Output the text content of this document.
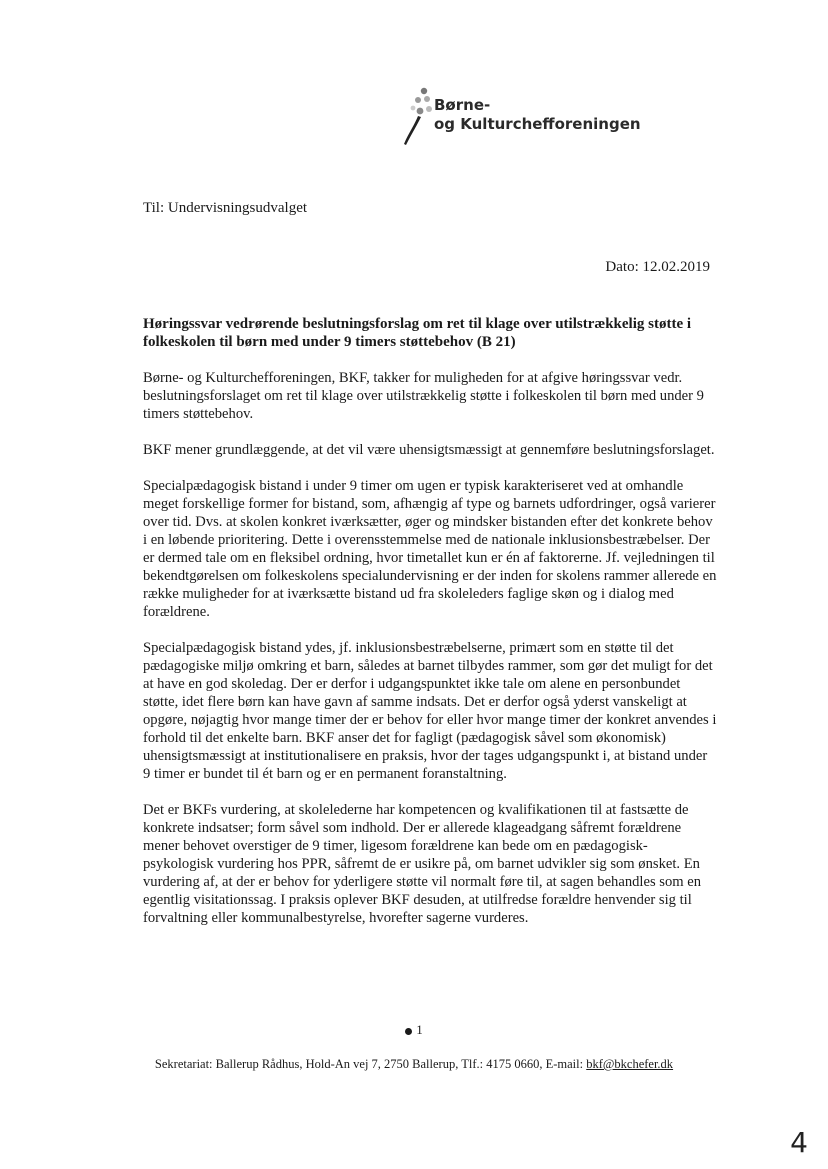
Børne-
og Kulturchefforeningen
Til: Undervisningsudvalget
Dato: 12.02.2019
Høringssvar vedrørende beslutningsforslag om ret til klage over utilstrækkelig støtte i folkeskolen til børn med under 9 timers støttebehov (B 21)

Børne- og Kulturchefforeningen, BKF, takker for muligheden for at afgive høringssvar vedr. beslutningsforslaget om ret til klage over utilstrækkelig støtte i folkeskolen til børn med under 9 timers støttebehov.

BKF mener grundlæggende, at det vil være uhensigtsmæssigt at gennemføre beslutningsforslaget.

Specialpædagogisk bistand i under 9 timer om ugen er typisk karakteriseret ved at omhandle meget forskellige former for bistand, som, afhængig af type og barnets udfordringer, også varierer over tid. Dvs. at skolen konkret iværksætter, øger og mindsker bistanden efter det konkrete behov i en løbende prioritering. Dette i overensstemmelse med de nationale inklusionsbestræbelser. Der er dermed tale om en fleksibel ordning, hvor timetallet kun er én af faktorerne. Jf. vejledningen til bekendtgørelsen om folkeskolens specialundervisning er der inden for skolens rammer allerede en række muligheder for at iværksætte bistand ud fra skoleleders faglige skøn og i dialog med forældrene.

Specialpædagogisk bistand ydes, jf. inklusionsbestræbelserne, primært som en støtte til det pædagogiske miljø omkring et barn, således at barnet tilbydes rammer, som gør det muligt for det at have en god skoledag. Der er derfor i udgangspunktet ikke tale om alene en personbundet støtte, idet flere børn kan have gavn af samme indsats. Det er derfor også yderst vanskeligt at opgøre, nøjagtig hvor mange timer der er behov for eller hvor mange timer der konkret anvendes i forhold til det enkelte barn. BKF anser det for fagligt (pædagogisk såvel som økonomisk) uhensigtsmæssigt at institutionalisere en praksis, hvor der tages udgangspunkt i, at bistand under 9 timer er bundet til ét barn og er en permanent foranstaltning.

Det er BKFs vurdering, at skolelederne har kompetencen og kvalifikationen til at fastsætte de konkrete indsatser; form såvel som indhold. Der er allerede klageadgang såfremt forældrene mener behovet overstiger de 9 timer, ligesom forældrene kan bede om en pædagogisk-psykologisk vurdering hos PPR, såfremt de er usikre på, om barnet udvikler sig som ønsket. En vurdering af, at der er behov for yderligere støtte vil normalt føre til, at sagen behandles som en egentlig visitationssag. I praksis oplever BKF desuden, at utilfredse forældre henvender sig til forvaltning eller kommunalbestyrelse, hvorefter sagerne vurderes.

1
Sekretariat: Ballerup Rådhus, Hold-An vej 7, 2750 Ballerup, Tlf.: 4175 0660, E-mail: bkf@bkchefer.dk
4
